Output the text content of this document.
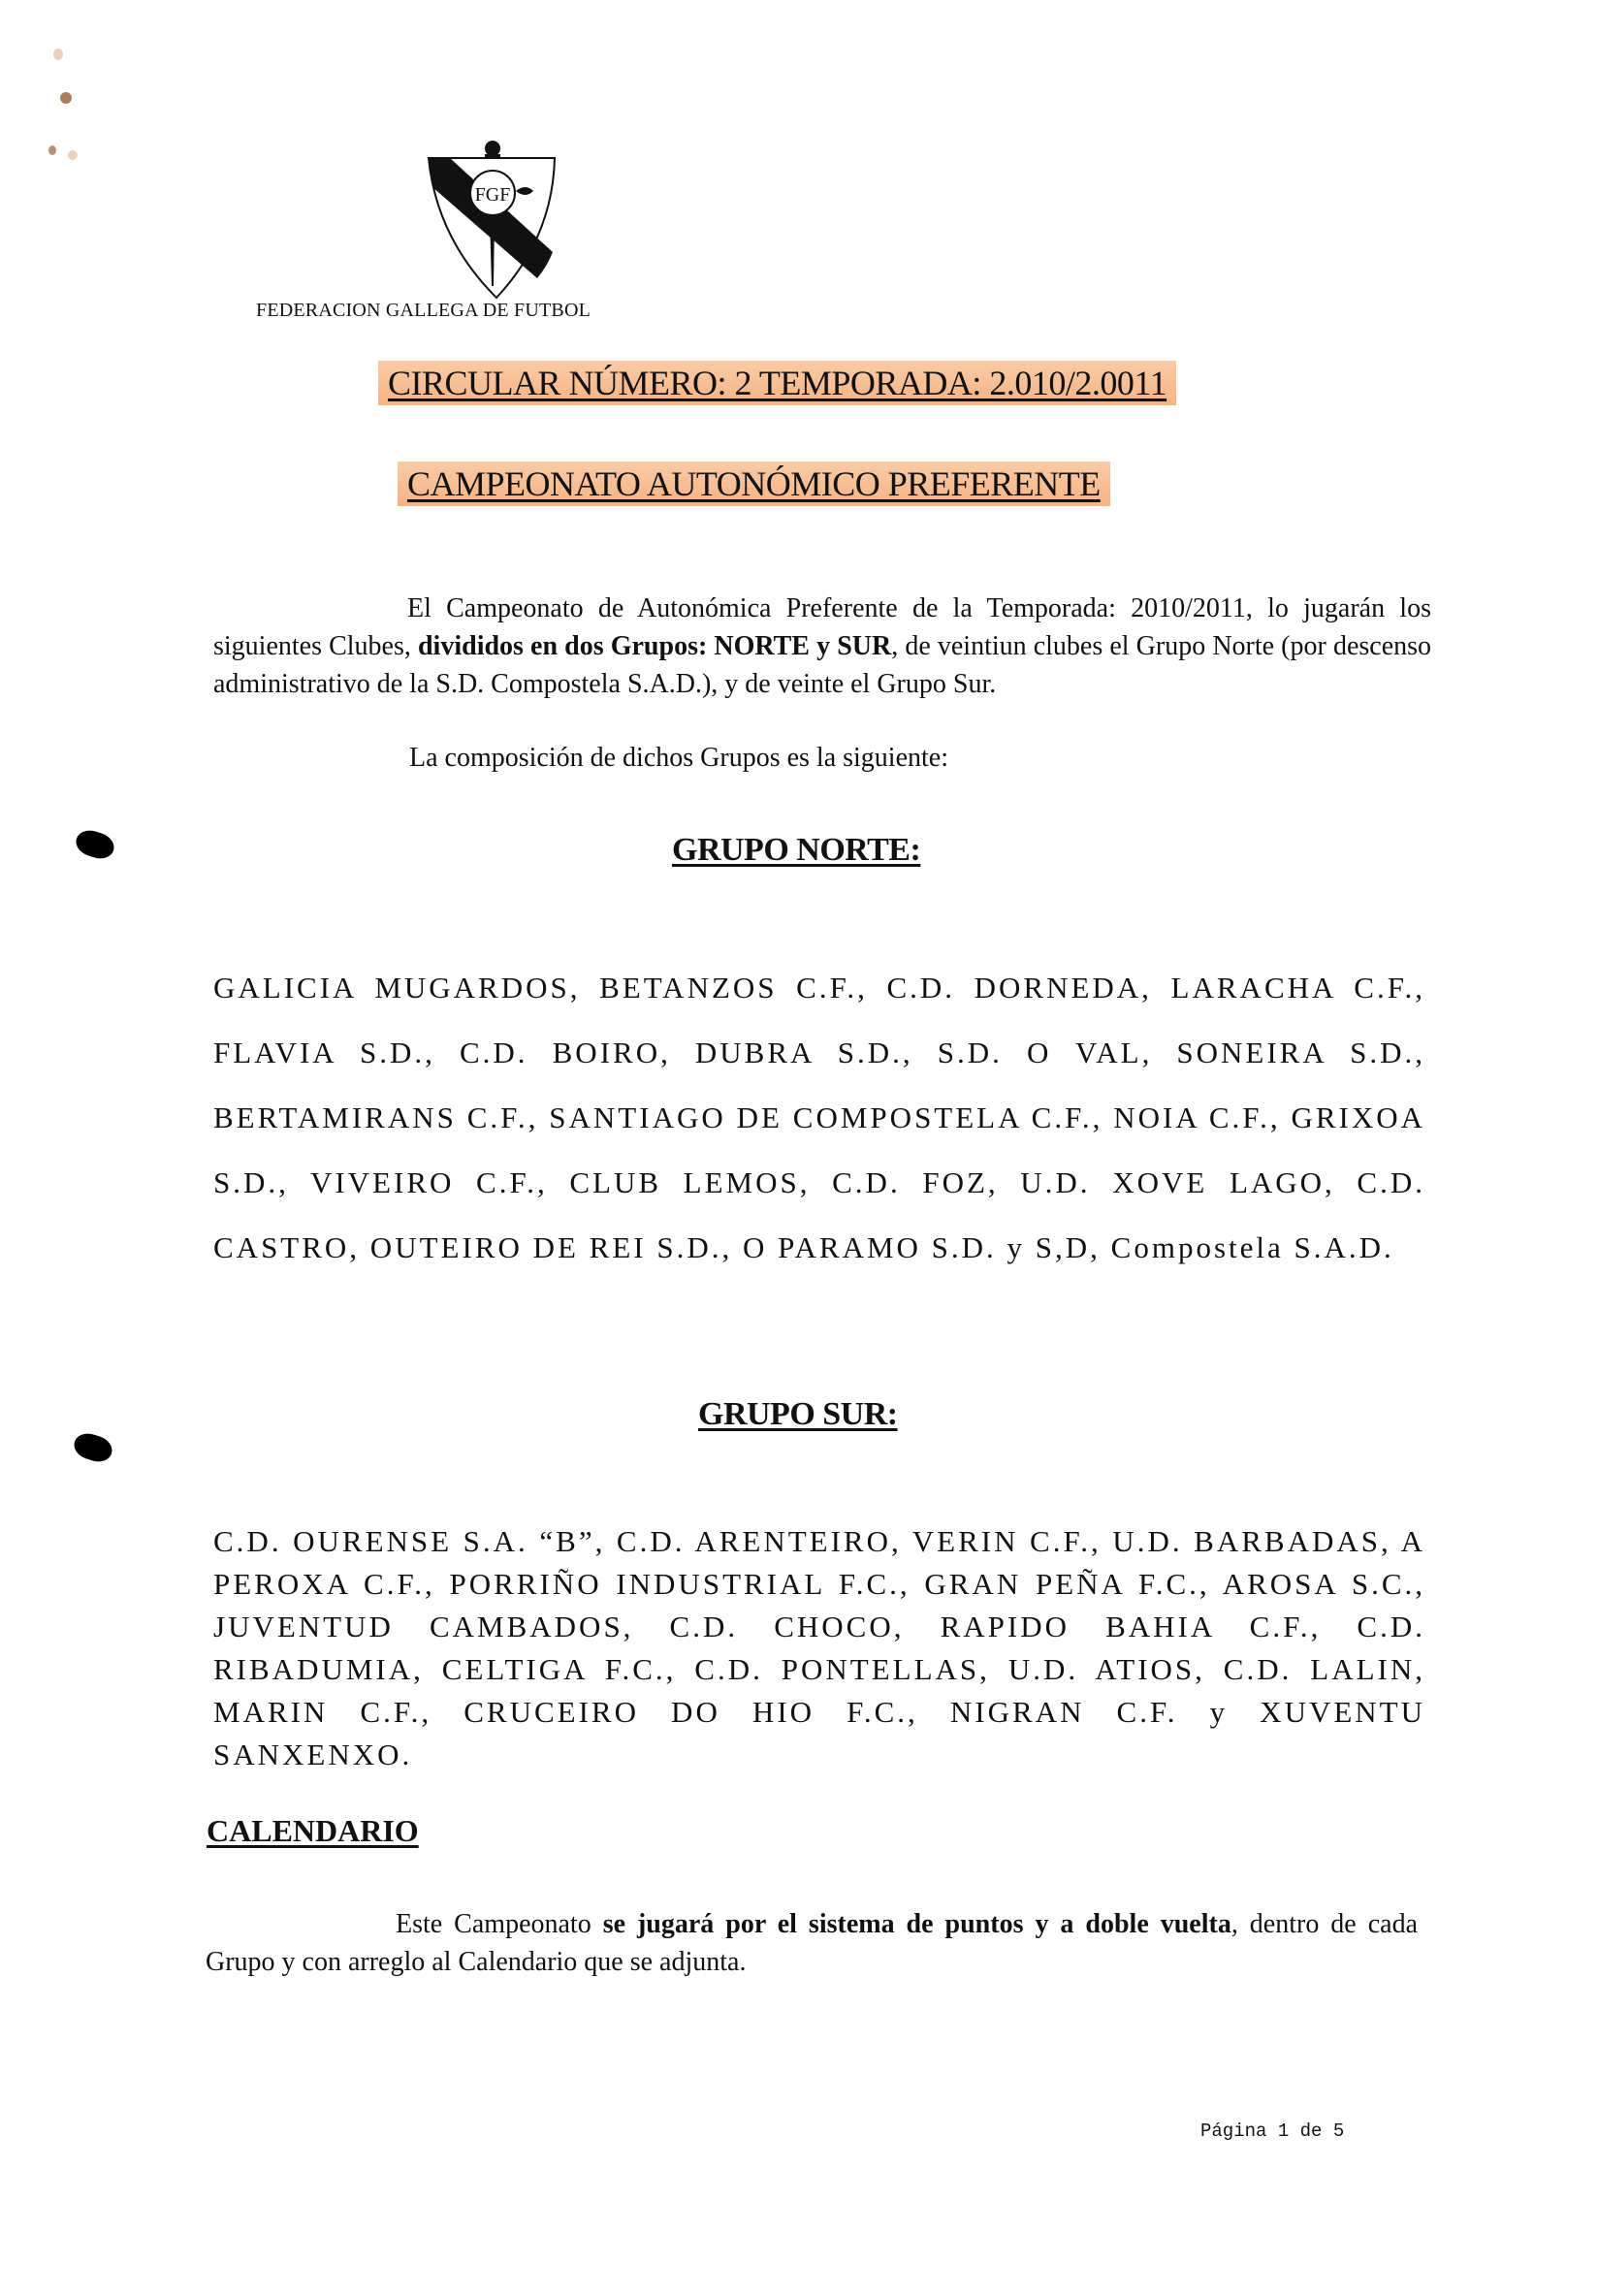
FGF
FEDERACION GALLEGA DE FUTBOL
CIRCULAR NÚMERO: 2 TEMPORADA: 2.010/2.0011
CAMPEONATO AUTONÓMICO PREFERENTE
El Campeonato de Autonómica Preferente de la Temporada: 2010/2011, lo jugarán los siguientes Clubes, divididos en dos Grupos: NORTE y SUR, de veintiun clubes el Grupo Norte (por descenso administrativo de la S.D. Compostela S.A.D.), y de veinte el Grupo Sur.
La composición de dichos Grupos es la siguiente:
GRUPO NORTE:
GALICIA MUGARDOS, BETANZOS C.F., C.D. DORNEDA, LARACHA C.F., FLAVIA S.D., C.D. BOIRO, DUBRA S.D., S.D. O VAL, SONEIRA S.D., BERTAMIRANS C.F., SANTIAGO DE COMPOSTELA C.F., NOIA C.F., GRIXOA S.D., VIVEIRO C.F., CLUB LEMOS, C.D. FOZ, U.D. XOVE LAGO, C.D. CASTRO, OUTEIRO DE REI S.D., O PARAMO S.D. y S,D, Compostela S.A.D.
GRUPO SUR:
C.D. OURENSE S.A. “B”, C.D. ARENTEIRO, VERIN C.F., U.D. BARBADAS, A PEROXA C.F., PORRIÑO INDUSTRIAL F.C., GRAN PEÑA F.C., AROSA S.C., JUVENTUD CAMBADOS, C.D. CHOCO, RAPIDO BAHIA C.F., C.D. RIBADUMIA, CELTIGA F.C., C.D. PONTELLAS, U.D. ATIOS, C.D. LALIN, MARIN C.F., CRUCEIRO DO HIO F.C., NIGRAN C.F. y XUVENTU SANXENXO.
CALENDARIO
Este Campeonato se jugará por el sistema de puntos y a doble vuelta, dentro de cada Grupo y con arreglo al Calendario que se adjunta.
Página 1 de 5
